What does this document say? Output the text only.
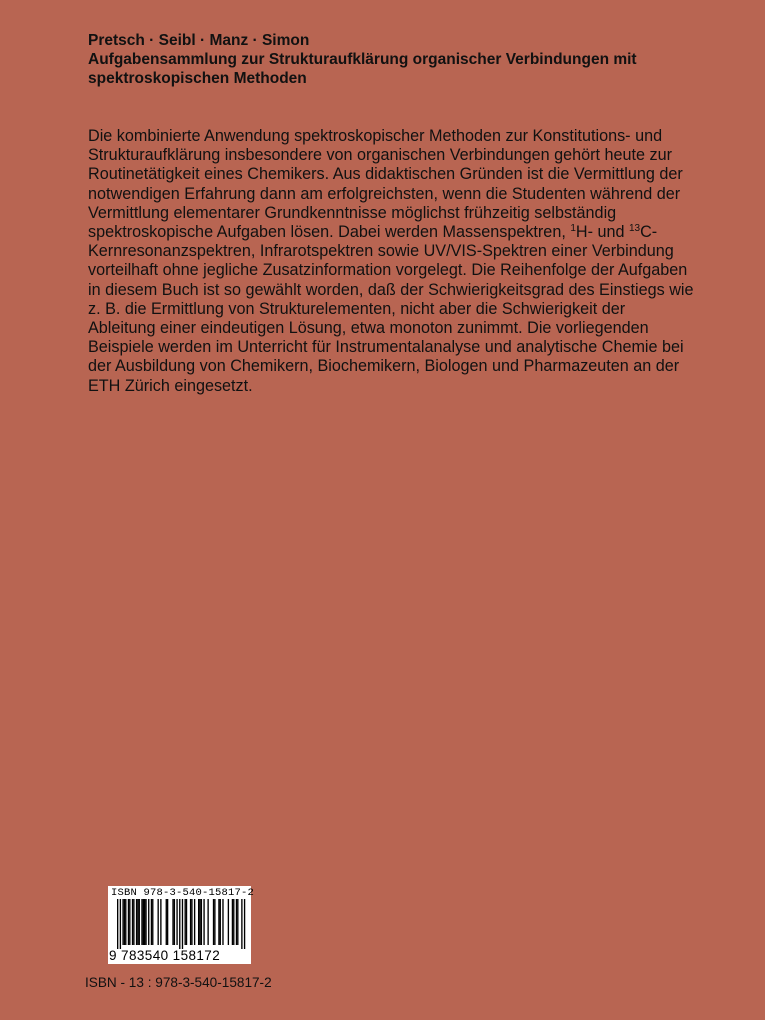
Pretsch · Seibl · Manz · Simon
Aufgabensammlung zur Strukturaufklärung organischer Verbindungen mit
spektroskopischen Methoden
Die kombinierte Anwendung spektroskopischer Methoden zur Konstitutions- und
Strukturaufklärung insbesondere von organischen Verbindungen gehört heute zur
Routinetätigkeit eines Chemikers. Aus didaktischen Gründen ist die Vermittlung der
notwendigen Erfahrung dann am erfolgreichsten, wenn die Studenten während der
Vermittlung elementarer Grundkenntnisse möglichst frühzeitig selbständig
spektroskopische Aufgaben lösen. Dabei werden Massenspektren, $^1$H- und $^{13}$C-
Kernresonanzspektren, Infrarotspektren sowie UV/VIS-Spektren einer Verbindung
vorteilhaft ohne jegliche Zusatzinformation vorgelegt. Die Reihenfolge der Aufgaben
in diesem Buch ist so gewählt worden, daß der Schwierigkeitsgrad des Einstiegs wie
z. B. die Ermittlung von Strukturelementen, nicht aber die Schwierigkeit der
Ableitung einer eindeutigen Lösung, etwa monoton zunimmt. Die vorliegenden
Beispiele werden im Unterricht für Instrumentalanalyse und analytische Chemie bei
der Ausbildung von Chemikern, Biochemikern, Biologen und Pharmazeuten an der
ETH Zürich eingesetzt.
ISBN 978-3-540-15817-2
9 783540 158172
ISBN - 13 : 978-3-540-15817-2
